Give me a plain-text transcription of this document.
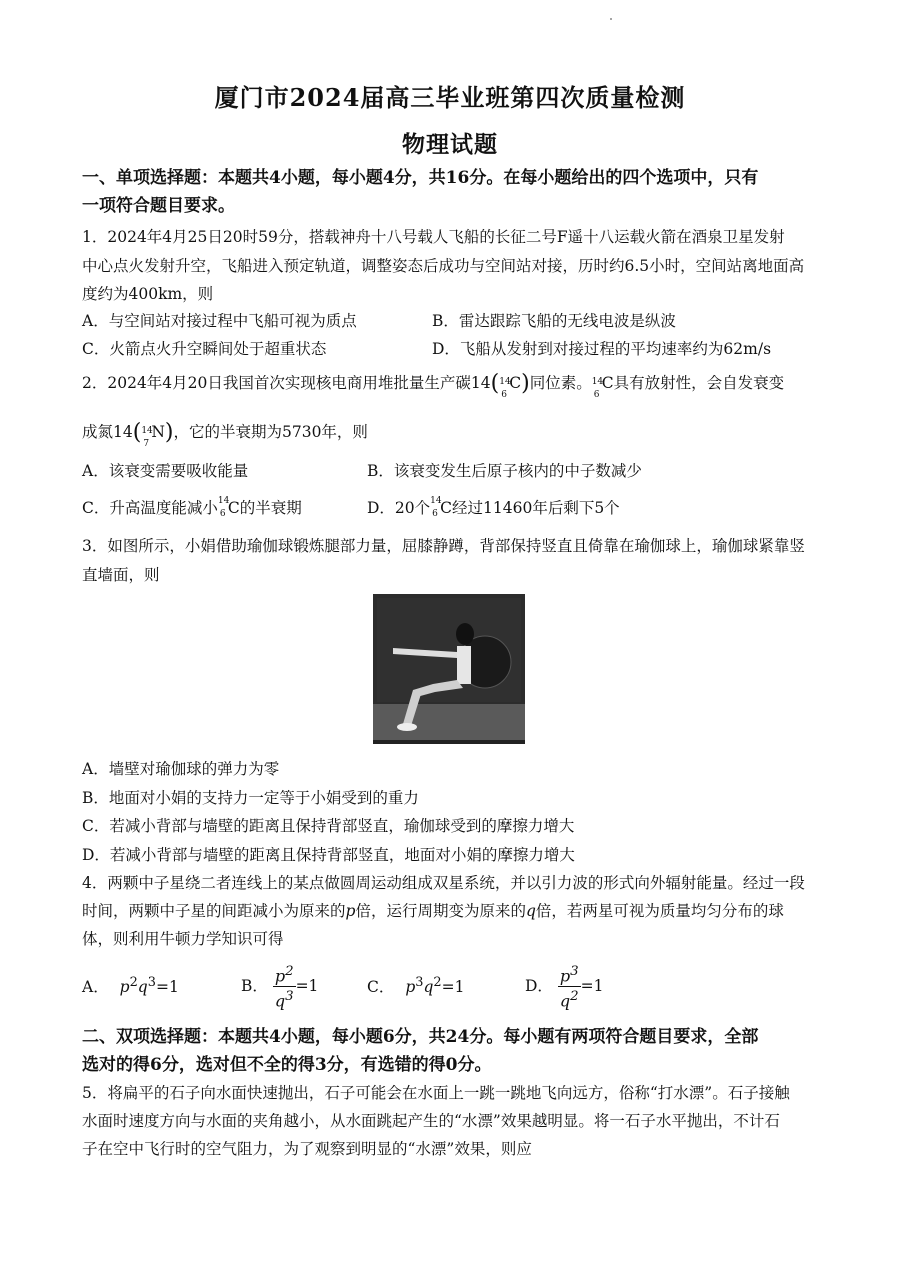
厦门市2024届高三毕业班第四次质量检测
物理试题
一、单项选择题：本题共4小题，每小题4分，共16分。在每小题给出的四个选项中，只有
一项符合题目要求。
1．2024年4月25日20时59分，搭载神舟十八号载人飞船的长征二号F遥十八运载火箭在酒泉卫星发射
中心点火发射升空，飞船进入预定轨道，调整姿态后成功与空间站对接，历时约6.5小时，空间站离地面高
度约为400km，则
A．与空间站对接过程中飞船可视为质点	B．雷达跟踪飞船的无线电波是纵波
C．火箭点火升空瞬间处于超重状态	D．飞船从发射到对接过程的平均速率约为62m/s
2．2024年4月20日我国首次实现核电商用堆批量生产碳14( 14
6
C)同位素。 14
6
C具有放射性，会自发衰变
成氮14( 14
7
N)，它的半衰期为5730年，则
A．该衰变需要吸收能量	B．该衰变发生后原子核内的中子数减少
C．升高温度能减小 14
6 C的半衰期	D．20个 14
6 C经过11460年后剩下5个
3．如图所示，小娟借助瑜伽球锻炼腿部力量，屈膝静蹲，背部保持竖直且倚靠在瑜伽球上，瑜伽球紧靠竖
直墙面，则
A．墙壁对瑜伽球的弹力为零
B．地面对小娟的支持力一定等于小娟受到的重力
C．若减小背部与墙壁的距离且保持背部竖直，瑜伽球受到的摩擦力增大
D．若减小背部与墙壁的距离且保持背部竖直，地面对小娟的摩擦力增大
4．两颗中子星绕二者连线上的某点做圆周运动组成双星系统，并以引力波的形式向外辐射能量。经过一段
时间，两颗中子星的间距减小为原来的p倍，运行周期变为原来的q倍，若两星可视为质量均匀分布的球
体，则利用牛顿力学知识可得
A． $p^2q^3=1$	B． $\frac{p^2}{q^3} =1$	C． $p^3q^2=1$	D． $\frac{p^3}{q^2} =1$
二、双项选择题：本题共4小题，每小题6分，共24分。每小题有两项符合题目要求，全部
选对的得6分，选对但不全的得3分，有选错的得0分。
5．将扁平的石子向水面快速抛出，石子可能会在水面上一跳一跳地飞向远方，俗称“打水漂”。石子接触
水面时速度方向与水面的夹角越小，从水面跳起产生的“水漂”效果越明显。将一石子水平抛出，不计石
子在空中飞行时的空气阻力，为了观察到明显的“水漂”效果，则应
